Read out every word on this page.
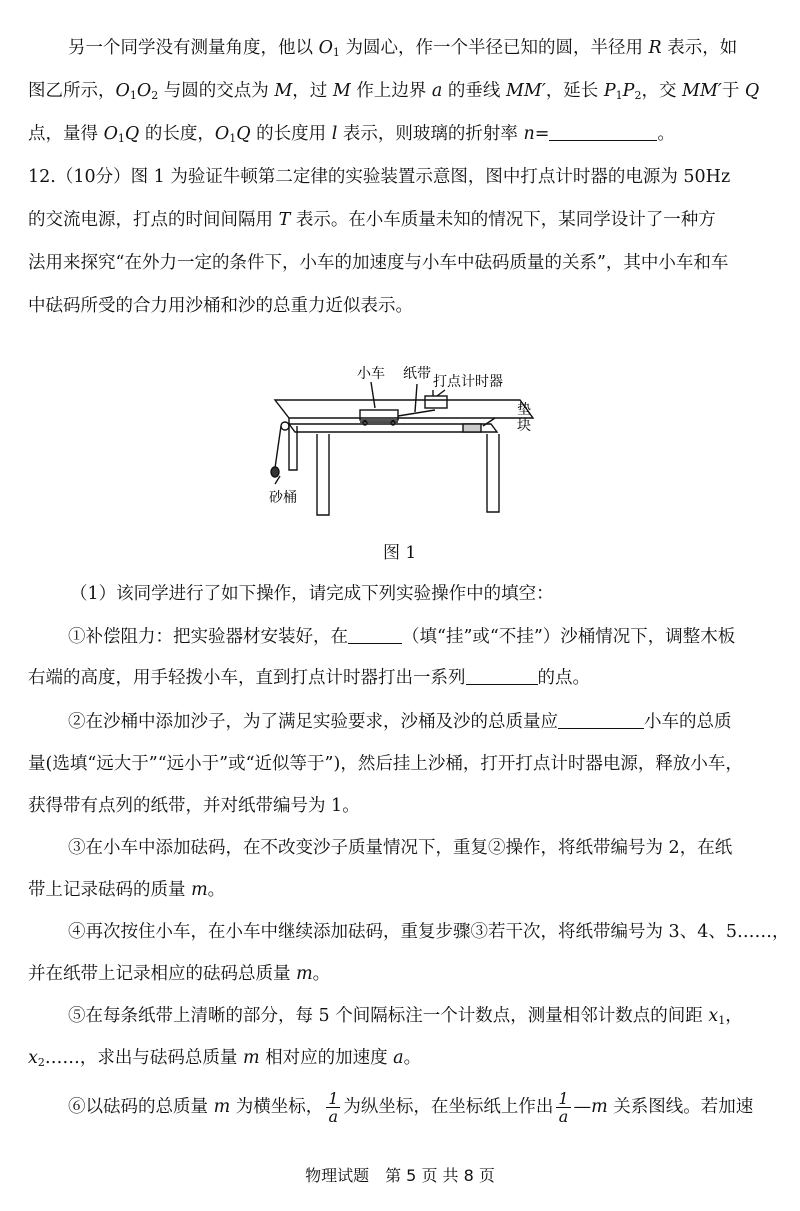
另一个同学没有测量角度，他以 $O_1$ 为圆心，作一个半径已知的圆，半径用 R 表示，如
图乙所示，$O_1O_2$ 与圆的交点为 M，过 M 作上边界 a 的垂线 MM′，延长 $P_1P_2$，交 MM′于 Q
点，量得 $O_1Q$ 的长度，$O_1Q$ 的长度用 l 表示，则玻璃的折射率 n=	。
12.（10分）图 1 为验证牛顿第二定律的实验装置示意图，图中打点计时器的电源为 50Hz
的交流电源，打点的时间间隔用 T 表示。在小车质量未知的情况下，某同学设计了一种方
法用来探究“在外力一定的条件下，小车的加速度与小车中砝码质量的关系”，其中小车和车
中砝码所受的合力用沙桶和沙的总重力近似表示。
小车 纸带 打点计时器
垫
块
砂桶
图 1
（1）该同学进行了如下操作，请完成下列实验操作中的填空：
①补偿阻力：把实验器材安装好，在	（填“挂”或“不挂”）沙桶情况下，调整木板
右端的高度，用手轻拨小车，直到打点计时器打出一系列	的点。
②在沙桶中添加沙子，为了满足实验要求，沙桶及沙的总质量应	小车的总质
量(选填“远大于”“远小于”或“近似等于”)，然后挂上沙桶，打开打点计时器电源，释放小车，
获得带有点列的纸带，并对纸带编号为 1。
③在小车中添加砝码，在不改变沙子质量情况下，重复②操作，将纸带编号为 2，在纸
带上记录砝码的质量 m。
④再次按住小车，在小车中继续添加砝码，重复步骤③若干次，将纸带编号为 3、4、5……，
并在纸带上记录相应的砝码总质量 m。
⑤在每条纸带上清晰的部分，每 5 个间隔标注一个计数点，测量相邻计数点的间距 $x_1$，
$x_2\dots\dots$，求出与砝码总质量 m 相对应的加速度 a。
⑥以砝码的总质量 m 为横坐标， $\frac{1}{a}$ 为纵坐标，在坐标纸上作出 $\frac{1}{a}$ —m 关系图线。若加速
物理试题　第 5 页 共 8 页
